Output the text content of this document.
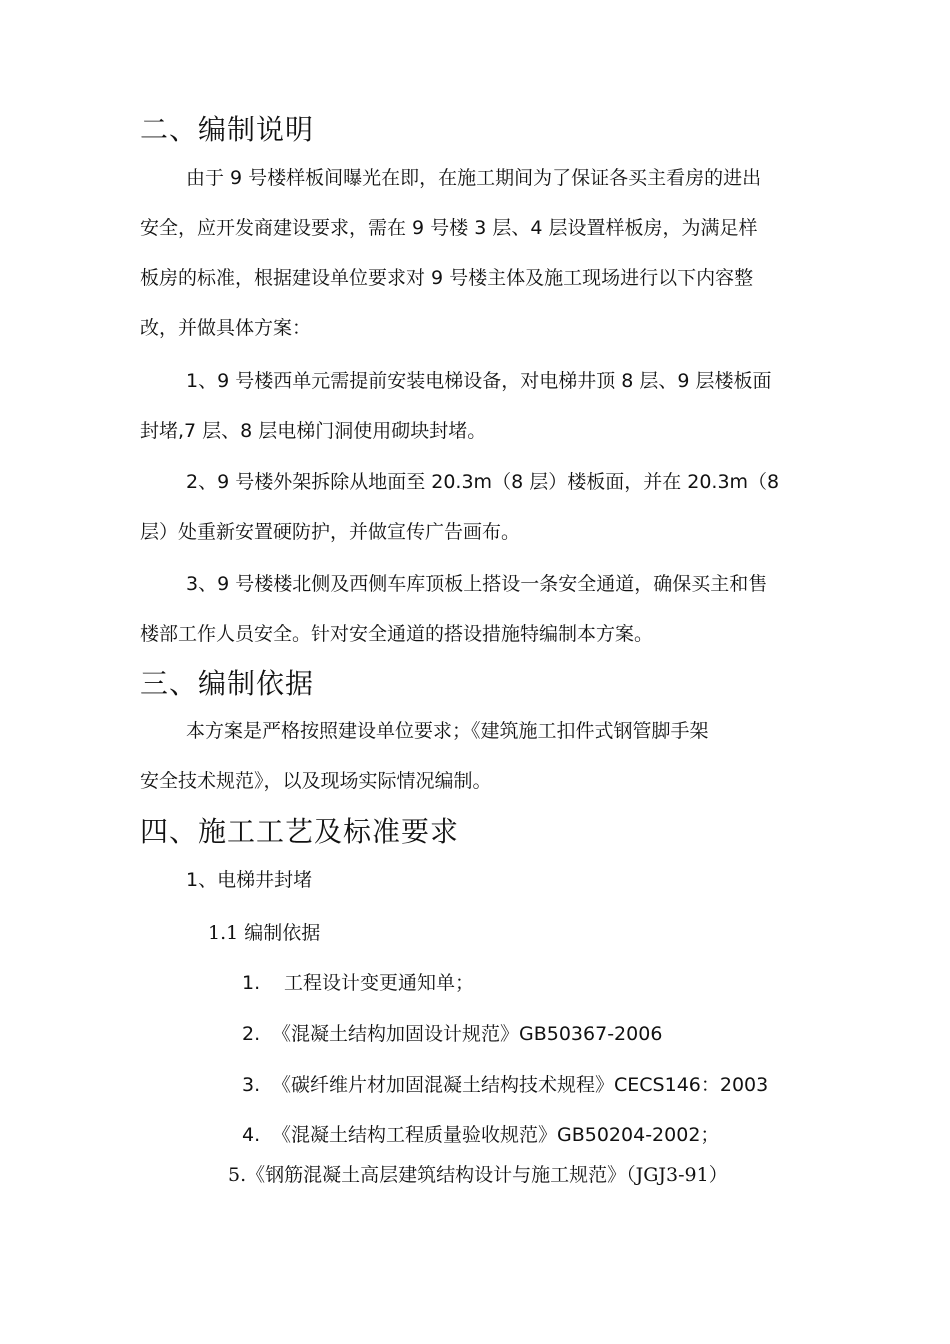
二、编制说明

由于 9 号楼样板间曝光在即，在施工期间为了保证各买主看房的进出

安全，应开发商建设要求，需在 9 号楼 3 层、4 层设置样板房，为满足样

板房的标准，根据建设单位要求对 9 号楼主体及施工现场进行以下内容整

改，并做具体方案：

1、9 号楼西单元需提前安装电梯设备，对电梯井顶 8 层、9 层楼板面

封堵,7 层、8 层电梯门洞使用砌块封堵。

2、9 号楼外架拆除从地面至 20.3m（8 层）楼板面，并在 20.3m（8

层）处重新安置硬防护，并做宣传广告画布。

3、9 号楼楼北侧及西侧车库顶板上搭设一条安全通道，确保买主和售

楼部工作人员安全。针对安全通道的搭设措施特编制本方案。

三、编制依据

本方案是严格按照建设单位要求；《建筑施工扣件式钢管脚手架

安全技术规范》，以及现场实际情况编制。

四、施工工艺及标准要求

1、电梯井封堵

1.1 编制依据

1. 工程设计变更通知单；

2. 《混凝土结构加固设计规范》GB50367-2006

3. 《碳纤维片材加固混凝土结构技术规程》CECS146：2003

4. 《混凝土结构工程质量验收规范》GB50204-2002；

5.《钢筋混凝土高层建筑结构设计与施工规范》（JGJ3-91）
